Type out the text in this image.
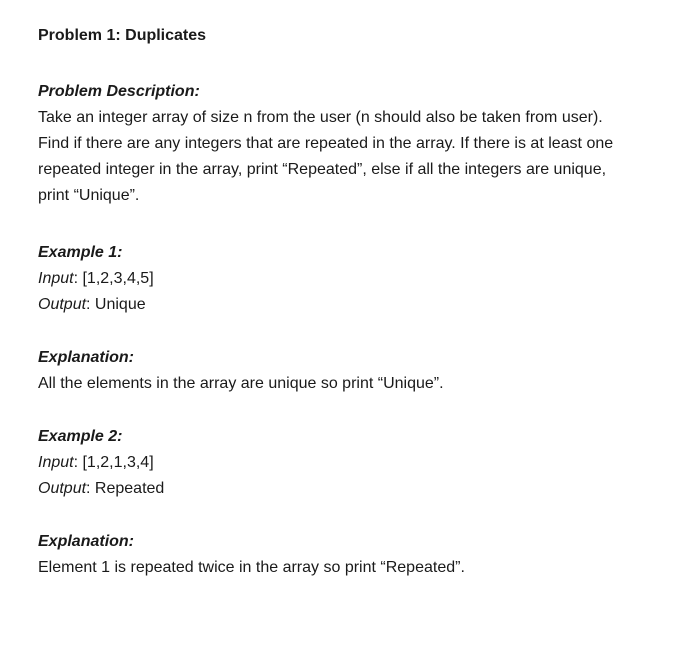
Problem 1: Duplicates

Problem Description:

Take an integer array of size n from the user (n should also be taken from user).

Find if there are any integers that are repeated in the array. If there is at least one

repeated integer in the array, print “Repeated”, else if all the integers are unique,

print “Unique”.

Example 1:

Input: [1,2,3,4,5]

Output: Unique

Explanation:

All the elements in the array are unique so print “Unique”.

Example 2:

Input: [1,2,1,3,4]

Output: Repeated

Explanation:

Element 1 is repeated twice in the array so print “Repeated”.
